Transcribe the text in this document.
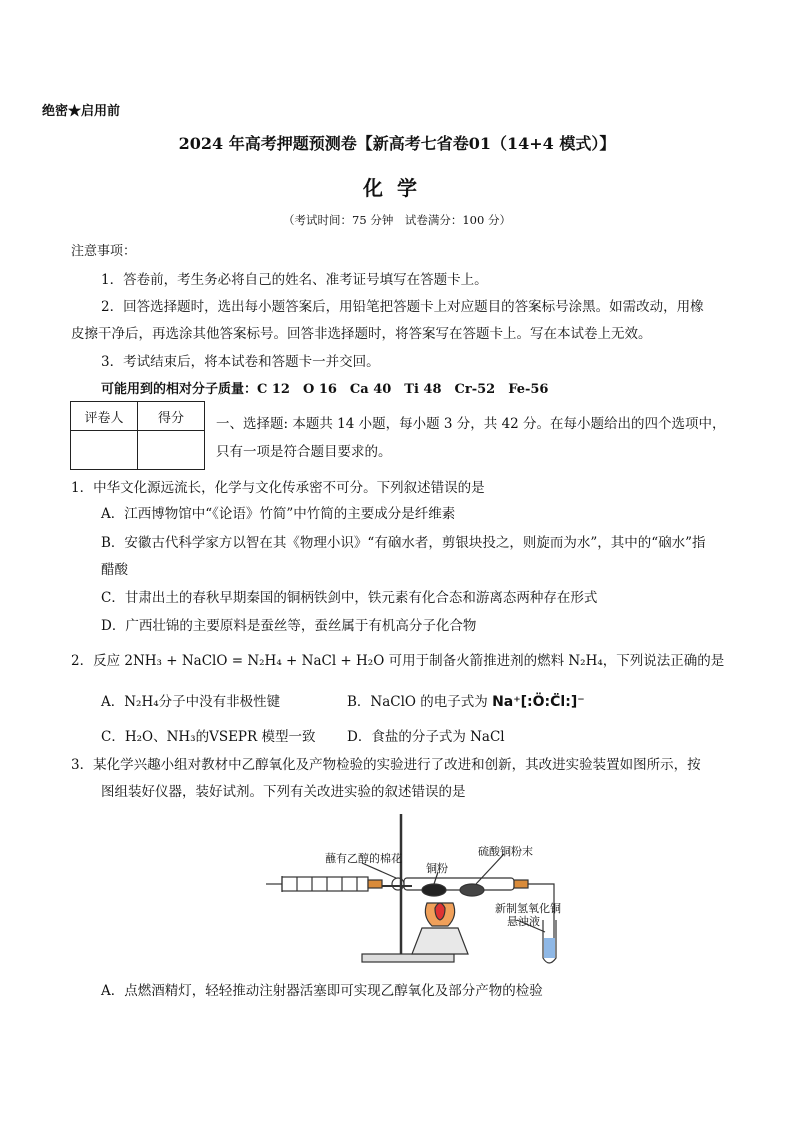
绝密★启用前
2024 年高考押题预测卷【新高考七省卷01（14+4 模式）】
化学
（考试时间：75 分钟　试卷满分：100 分）
注意事项：
1．答卷前，考生务必将自己的姓名、准考证号填写在答题卡上。
2．回答选择题时，选出每小题答案后，用铅笔把答题卡上对应题目的答案标号涂黑。如需改动，用橡
皮擦干净后，再选涂其他答案标号。回答非选择题时，将答案写在答题卡上。写在本试卷上无效。
3．考试结束后，将本试卷和答题卡一并交回。
可能用到的相对分子质量：C 12　O 16　Ca 40　Ti 48　Cr-52　Fe-56
评卷人	得分
	一、选择题: 本题共 14 小题，每小题 3 分，共 42 分。在每小题给出的四个选项中，
只有一项是符合题目要求的。
1．中华文化源远流长，化学与文化传承密不可分。下列叙述错误的是
A．江西博物馆中“《论语》竹简”中竹简的主要成分是纤维素
B．安徽古代科学家方以智在其《物理小识》“有硇水者，剪银块投之，则旋而为水”，其中的“硇水”指
醋酸
C．甘肃出土的春秋早期秦国的铜柄铁剑中，铁元素有化合态和游离态两种存在形式
D．广西壮锦的主要原料是蚕丝等，蚕丝属于有机高分子化合物
2．反应 2NH₃ + NaClO = N₂H₄ + NaCl + H₂O 可用于制备火箭推进剂的燃料 N₂H₄，下列说法正确的是
A．N₂H₄分子中没有非极性键	B．NaClO 的电子式为 Na⁺[:Ö:C̈l:]⁻
C．H₂O、NH₃的VSEPR 模型一致 D．食盐的分子式为 NaCl
3．某化学兴趣小组对教材中乙醇氧化及产物检验的实验进行了改进和创新，其改进实验装置如图所示，按
图组装好仪器，装好试剂。下列有关改进实验的叙述错误的是
蘸有乙醇的棉花
铜粉
硫酸铜粉末
新制氢氧化铜
悬浊液
A．点燃酒精灯，轻轻推动注射器活塞即可实现乙醇氧化及部分产物的检验
